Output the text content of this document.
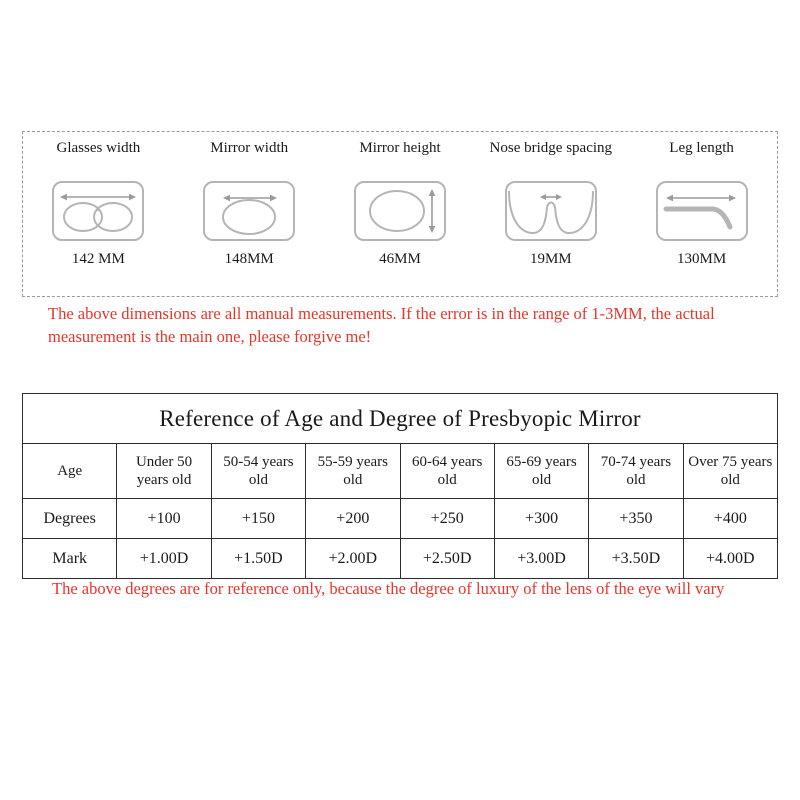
Glasses width
142 MM
Mirror width
148MM
Mirror height
46MM
Nose bridge spacing
19MM
Leg length
130MM
The above dimensions are all manual measurements. If the error is in the range of 1-3MM, the actual measurement is the main one, please forgive me!
Reference of Age and Degree of Presbyopic Mirror							
Age	Under 50 years old	50-54 years old	55-59 years old	60-64 years old	65-69 years old	70-74 years old	Over 75 years old
Degrees	+100	+150	+200	+250	+300	+350	+400
Mark	+1.00D	+1.50D	+2.00D	+2.50D	+3.00D	+3.50D	+4.00D
The above degrees are for reference only, because the degree of luxury of the lens of the eye will vary
